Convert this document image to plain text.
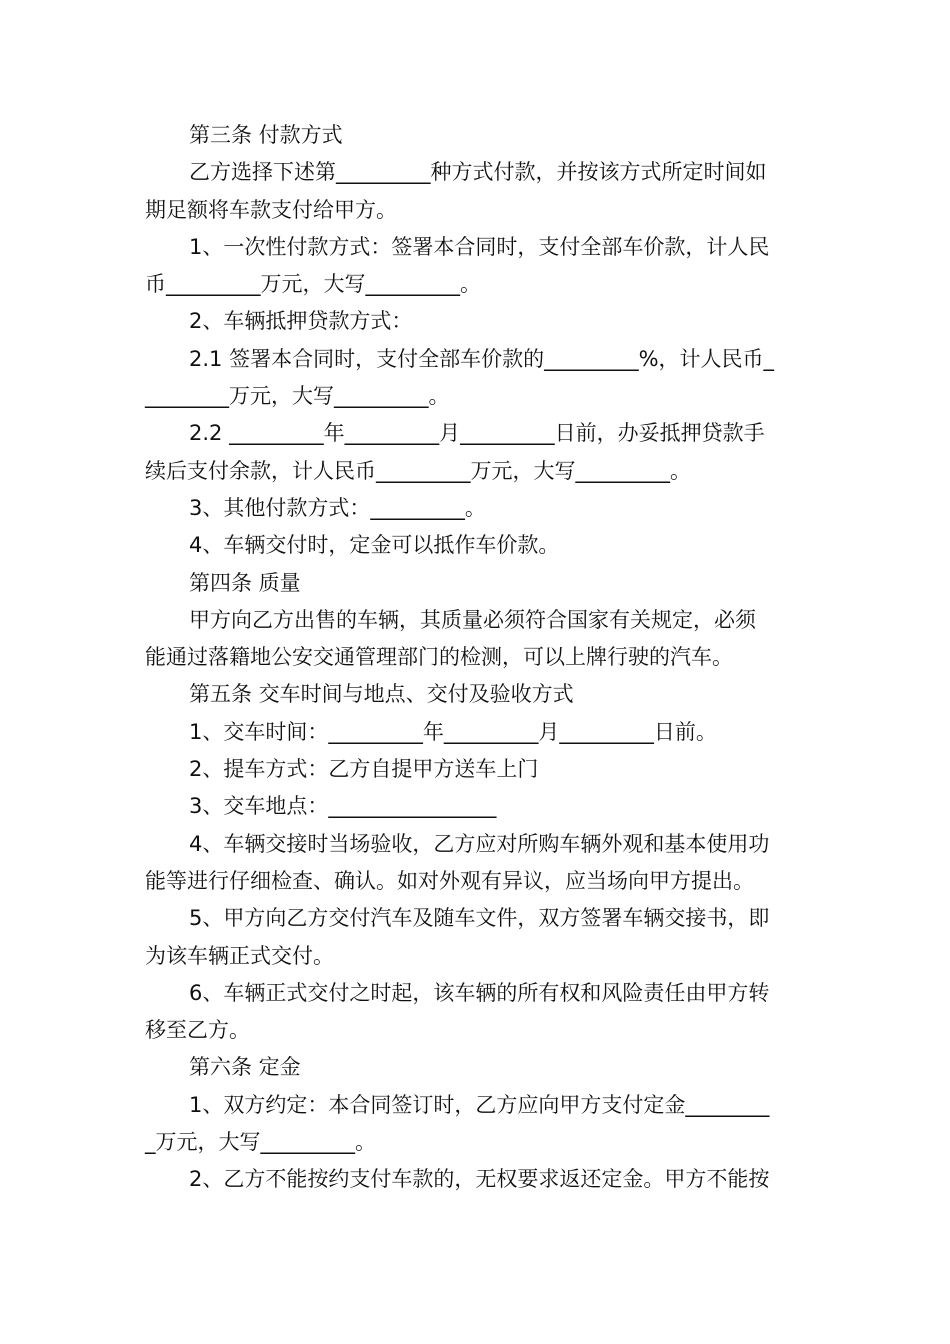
第三条 付款方式
乙方选择下述第_________种方式付款，并按该方式所定时间如
期足额将车款支付给甲方。
1、一次性付款方式：签署本合同时，支付全部车价款，计人民
币_________万元，大写_________。
2、车辆抵押贷款方式：
2.1 签署本合同时，支付全部车价款的_________%，计人民币_
________万元，大写_________。
2.2 _________年_________月_________日前，办妥抵押贷款手
续后支付余款，计人民币_________万元，大写_________。
3、其他付款方式：_________。
4、车辆交付时，定金可以抵作车价款。
第四条 质量
甲方向乙方出售的车辆，其质量必须符合国家有关规定，必须
能通过落籍地公安交通管理部门的检测，可以上牌行驶的汽车。
第五条 交车时间与地点、交付及验收方式
1、交车时间：_________年_________月_________日前。
2、提车方式：乙方自提甲方送车上门
3、交车地点：________________
4、车辆交接时当场验收，乙方应对所购车辆外观和基本使用功
能等进行仔细检查、确认。如对外观有异议，应当场向甲方提出。
5、甲方向乙方交付汽车及随车文件，双方签署车辆交接书，即
为该车辆正式交付。
6、车辆正式交付之时起，该车辆的所有权和风险责任由甲方转
移至乙方。
第六条 定金
1、双方约定：本合同签订时，乙方应向甲方支付定金________
_万元，大写_________。
2、乙方不能按约支付车款的，无权要求返还定金。甲方不能按
